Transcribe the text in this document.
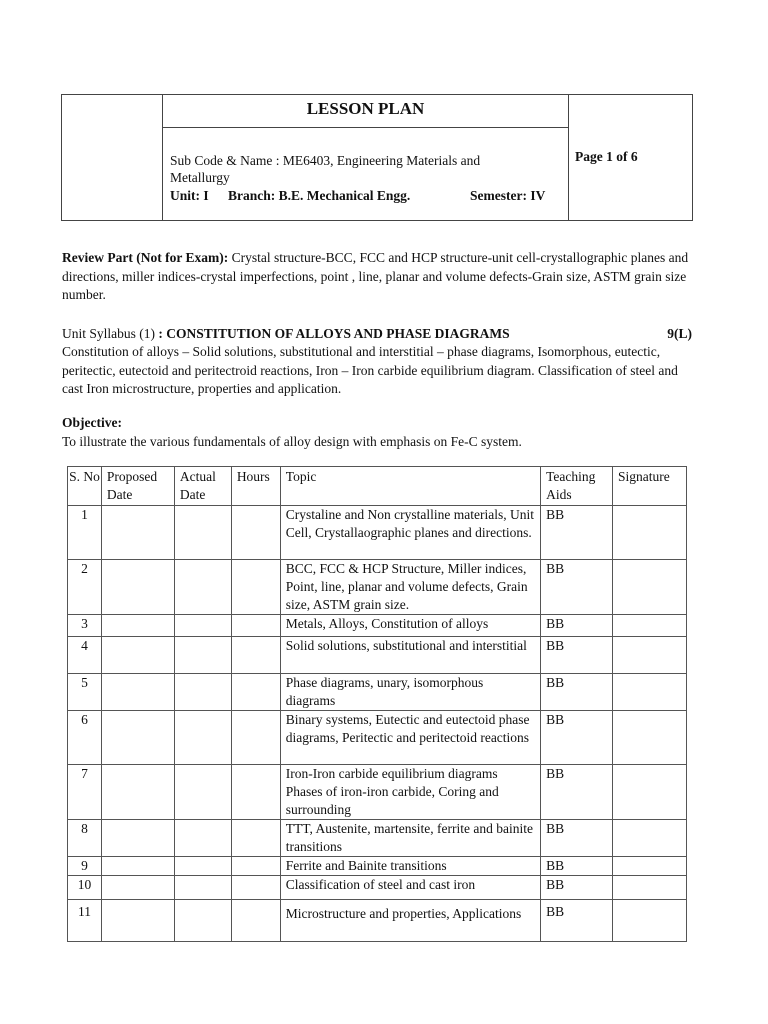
LESSON PLAN
Sub Code & Name : ME6403, Engineering Materials and Metallurgy
Unit: I Branch: B.E. Mechanical Engg.	Semester: IV
Page 1 of 6
Review Part (Not for Exam): Crystal structure-BCC, FCC and HCP structure-unit cell-crystallographic planes and directions, miller indices-crystal imperfections, point , line, planar and volume defects-Grain size, ASTM grain size number.
Unit Syllabus (1) : CONSTITUTION OF ALLOYS AND PHASE DIAGRAMS	9(L)
Constitution of alloys – Solid solutions, substitutional and interstitial – phase diagrams, Isomorphous, eutectic, peritectic, eutectoid and peritectroid reactions, Iron – Iron carbide equilibrium diagram. Classification of steel and cast Iron microstructure, properties and application.
Objective:
To illustrate the various fundamentals of alloy design with emphasis on Fe-C system.
S. No	Proposed Date	Actual Date	Hours	Topic	Teaching Aids	Signature
1				Crystaline and Non crystalline materials, Unit Cell, Crystallaographic planes and directions.	BB	
2				BCC, FCC & HCP Structure, Miller indices, Point, line, planar and volume defects, Grain size, ASTM grain size.	BB	
3				Metals, Alloys, Constitution of alloys	BB	
4				Solid solutions, substitutional and interstitial	BB	
5				Phase diagrams, unary, isomorphous diagrams	BB	
6				Binary systems, Eutectic and eutectoid phase diagrams, Peritectic and peritectoid reactions	BB	
7				Iron-Iron carbide equilibrium diagrams Phases of iron-iron carbide, Coring and surrounding	BB	
8				TTT, Austenite, martensite, ferrite and bainite transitions	BB	
9				Ferrite and Bainite transitions	BB	
10				Classification of steel and cast iron	BB	
11				Microstructure and properties, Applications	BB	
